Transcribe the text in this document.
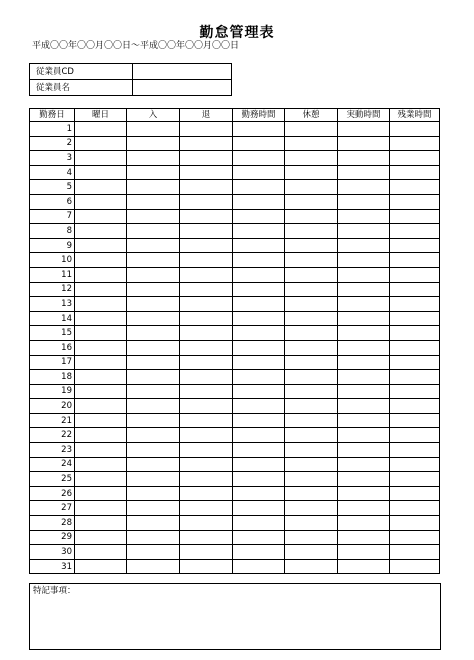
勤怠管理表
平成〇〇年〇〇月〇〇日～平成〇〇年〇〇月〇〇日
従業員CD	
従業員名	
勤務日	曜日	入	退	勤務時間	休憩	実動時間	残業時間
1							
2							
3							
4							
5							
6							
7							
8							
9							
10							
11							
12							
13							
14							
15							
16							
17							
18							
19							
20							
21							
22							
23							
24							
25							
26							
27							
28							
29							
30							
31							
特記事項：
